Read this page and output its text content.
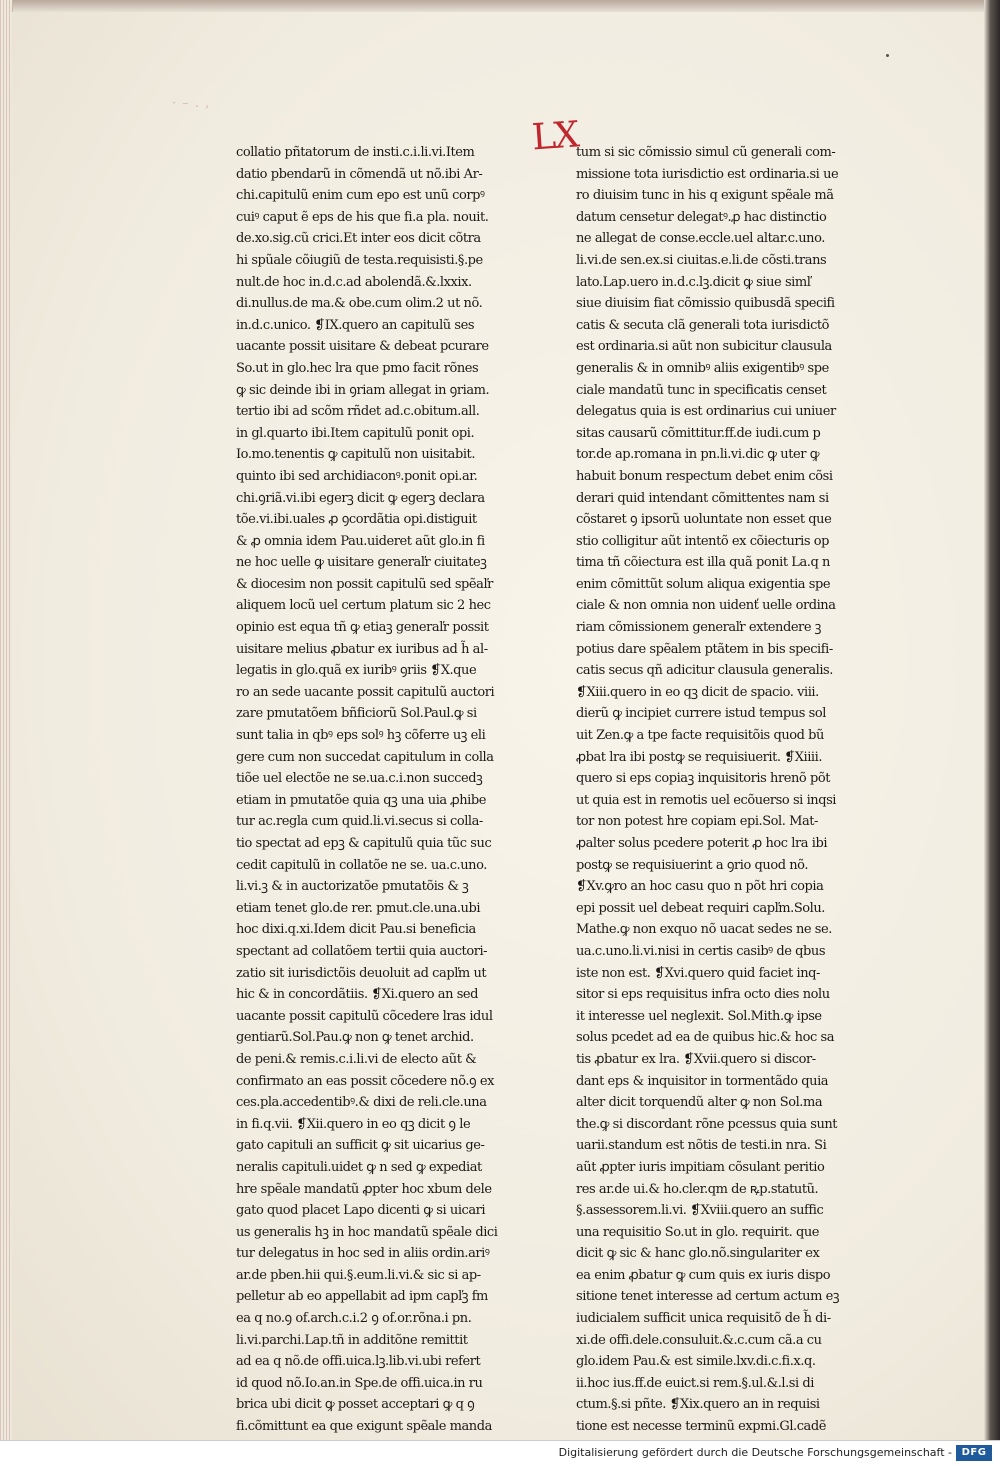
· – . ,
LX
collatio pñtatorum de insti.c.i.li.vi.Item
datio pbendarũ in cõmendã ut nõ.ibi Ar-
chi.capitulũ enim cum epo est unũ corpꝰ
cuiꝰ caput ẽ eps de his que fi.a pla. nouit.
de.xo.sig.cũ crici.Et inter eos dicit cõtra
hi spũale cõiugiũ de testa.requisisti.§.pe
nult.de hoc in.d.c.ad abolendã.&.lxxix.
di.nullus.de ma.& obe.cum olim.2 ut nõ.
in.d.c.unico. ❡IX.quero an capitulũ ses
uacante possit uisitare & debeat pcurare
So.ut in glo.hec lra que pmo facit rõnes
ꝙ sic deinde ibi in ꝯriam allegat in ꝯriam.
tertio ibi ad scõm rñdet ad.c.obitum.all.
in gl.quarto ibi.Item capitulũ ponit opi.
Io.mo.tenentis ꝙ capitulũ non uisitabit.
quinto ibi sed archidiaconꝰ.ponit opi.ar.
chi.ꝯriã.vi.ibi egerꝫ dicit ꝙ egerꝫ declara
tõe.vi.ibi.uales ꝓ ꝯcordãtia opi.distiguit
& ꝓ omnia idem Pau.uideret aũt glo.in fi
ne hoc uelle ꝙ uisitare generaľr ciuitateꝫ
& diocesim non possit capitulũ sed spẽaľr
aliquem locũ uel certum platum sic 2 hec
opinio est equa tñ ꝙ etiaꝫ generaľr possit
uisitare melius ꝓbatur ex iuribus ad h̃ al-
legatis in glo.quã ex iuribꝰ ꝯriis ❡X.que
ro an sede uacante possit capitulũ auctori
zare pmutatõem bñficiorũ Sol.Paul.ꝙ si
sunt talia in qbꝰ eps solꝰ hꝫ cõferre uꝫ eli
gere cum non succedat capitulum in colla
tiõe uel electõe ne se.ua.c.i.non succedꝫ
etiam in pmutatõe quia qꝫ una uia ꝓhibe
tur ac.regla cum quid.li.vi.secus si colla-
tio spectat ad epꝫ & capitulũ quia tũc suc
cedit capitulũ in collatõe ne se. ua.c.uno.
li.vi.ꝫ & in auctorizatõe pmutatõis & ꝫ
etiam tenet glo.de rer. pmut.cle.una.ubi
hoc dixi.q.xi.Idem dicit Pau.si beneficia
spectant ad collatõem tertii quia auctori-
zatio sit iurisdictõis deuoluit ad capľm ut
hic & in concordãtiis. ❡Xi.quero an sed
uacante possit capitulũ cõcedere lras idul
gentiarũ.Sol.Pau.ꝙ non ꝙ tenet archid.
de peni.& remis.c.i.li.vi de electo aũt &
confirmato an eas possit cõcedere nõ.ꝯ ex
ces.pla.accedentibꝰ.& dixi de reli.cle.una
in fi.q.vii. ❡Xii.quero in eo qꝫ dicit ꝯ le
gato capituli an sufficit ꝙ sit uicarius ge-
neralis capituli.uidet ꝙ n sed ꝙ expediat
hre spẽale mandatũ ꝓpter hoc xbum dele
gato quod placet Lapo dicenti ꝙ si uicari
us generalis hꝫ in hoc mandatũ spẽale dici
tur delegatus in hoc sed in aliis ordin.ariꝰ
ar.de pben.hii qui.§.eum.li.vi.& sic si ap-
pelletur ab eo appellabit ad ipm capľꝫ fm
ea q no.ꝯ of.arch.c.i.2 ꝯ of.or.rõna.i pn.
li.vi.parchi.Lap.tñ in additõne remittit
ad ea q nõ.de offi.uica.lꝫ.lib.vi.ubi refert
id quod nõ.Io.an.in Spe.de offi.uica.in ru
brica ubi dicit ꝙ posset acceptari ꝙ q ꝯ
fi.cõmittunt ea que exigunt spẽale manda
tum si sic cõmissio simul cũ generali com-
missione tota iurisdictio est ordinaria.si ue
ro diuisim tunc in his q exigunt spẽale mã
datum censetur delegatꝰ.ꝓ hac distinctio
ne allegat de conse.eccle.uel altar.c.uno.
li.vi.de sen.ex.si ciuitas.e.li.de cõsti.trans
lato.Lap.uero in.d.c.lꝫ.dicit ꝙ siue simľ
siue diuisim fiat cõmissio quibusdã specifi
catis & secuta clã generali tota iurisdictõ
est ordinaria.si aũt non subicitur clausula
generalis & in omnibꝰ aliis exigentibꝰ spe
ciale mandatũ tunc in specificatis censet
delegatus quia is est ordinarius cui uniuer
sitas causarũ cõmittitur.ff.de iudi.cum p
tor.de ap.romana in pn.li.vi.dic ꝙ uter ꝙ
habuit bonum respectum debet enim cõsi
derari quid intendant cõmittentes nam si
cõstaret ꝯ ipsorũ uoluntate non esset que
stio colligitur aũt intentõ ex cõiecturis op
tima tñ cõiectura est illa quã ponit La.q n
enim cõmittũt solum aliqua exigentia spe
ciale & non omnia non uidenť uelle ordina
riam cõmissionem generaľr extendere ꝫ
potius dare spẽalem ptãtem in bis specifi-
catis secus qñ adicitur clausula generalis.
❡Xiii.quero in eo qꝫ dicit de spacio. viii.
dierũ ꝙ incipiet currere istud tempus sol
uit Zen.ꝙ a tpe facte requisitõis quod bũ
ꝓbat lra ibi postꝙ se requisiuerit. ❡Xiiii.
quero si eps copiaꝫ inquisitoris hrenõ põt
ut quia est in remotis uel ecõuerso si inqsi
tor non potest hre copiam epi.Sol. Mat-
ꝓalter solus pcedere poterit ꝓ hoc lra ibi
postꝙ se requisiuerint a ꝯrio quod nõ.
❡Xv.ꝙro an hoc casu quo n põt hri copia
epi possit uel debeat requiri capľm.Solu.
Mathe.ꝙ non exquo nõ uacat sedes ne se.
ua.c.uno.li.vi.nisi in certis casibꝰ de qbus
iste non est. ❡Xvi.quero quid faciet inq-
sitor si eps requisitus infra octo dies nolu
it interesse uel neglexit. Sol.Mith.ꝙ ipse
solus pcedet ad ea de quibus hic.& hoc sa
tis ꝓbatur ex lra. ❡Xvii.quero si discor-
dant eps & inquisitor in tormentãdo quia
alter dicit torquendũ alter ꝙ non Sol.ma
the.ꝙ si discordant rõne pcessus quia sunt
uarii.standum est nõtis de testi.in nra. Si
aũt ꝓpter iuris impitiam cõsulant peritio
res ar.de ui.& ho.cler.qm de ꝶp.statutũ.
§.assessorem.li.vi. ❡Xviii.quero an suffic
una requisitio So.ut in glo. requirit. que
dicit ꝙ sic & hanc glo.nõ.singulariter ex
ea enim ꝓbatur ꝙ cum quis ex iuris dispo
sitione tenet interesse ad certum actum eꝫ
iudicialem sufficit unica requisitõ de h̃ di-
xi.de offi.dele.consuluit.&.c.cum cã.a cu
glo.idem Pau.& est simile.lxv.di.c.fi.x.q.
ii.hoc ius.ff.de euict.si rem.§.ul.&.l.si di
ctum.§.si pñte. ❡Xix.quero an in requisi
tione est necesse terminũ expmi.Gl.cadẽ
Digitalisierung gefördert durch die Deutsche Forschungsgemeinschaft - DFG
